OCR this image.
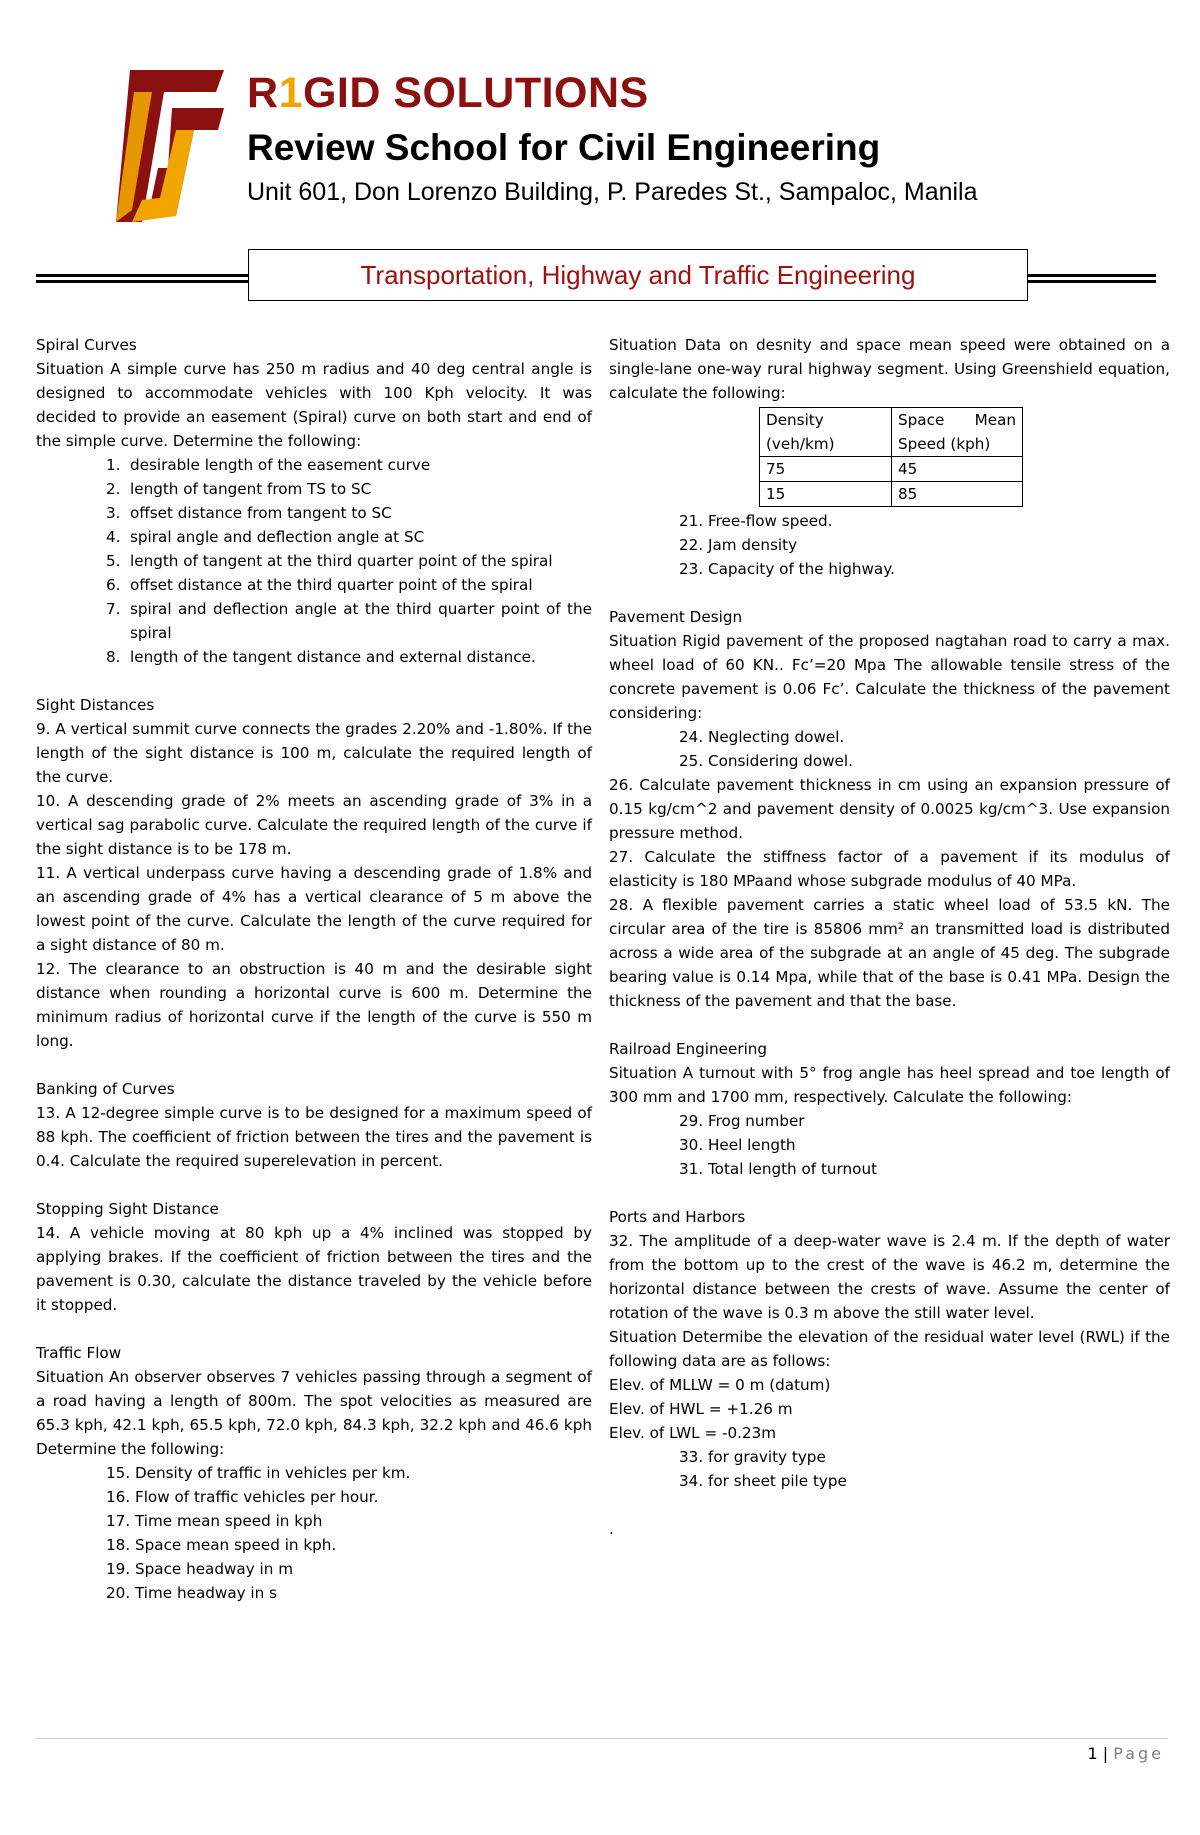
R1GID SOLUTIONS
Review School for Civil Engineering
Unit 601, Don Lorenzo Building, P. Paredes St., Sampaloc, Manila
Transportation, Highway and Traffic Engineering
Spiral Curves
Situation A simple curve has 250 m radius and 40 deg central angle is designed to accommodate vehicles with 100 Kph velocity. It was decided to provide an easement (Spiral) curve on both start and end of the simple curve. Determine the following:
1. desirable length of the easement curve
2. length of tangent from TS to SC
3. offset distance from tangent to SC
4. spiral angle and deflection angle at SC
5. length of tangent at the third quarter point of the spiral
6. offset distance at the third quarter point of the spiral
7. spiral and deflection angle at the third quarter point of the spiral
8. length of the tangent distance and external distance.
Sight Distances
9. A vertical summit curve connects the grades 2.20% and -1.80%. If the length of the sight distance is 100 m, calculate the required length of the curve.
10. A descending grade of 2% meets an ascending grade of 3% in a vertical sag parabolic curve. Calculate the required length of the curve if the sight distance is to be 178 m.
11. A vertical underpass curve having a descending grade of 1.8% and an ascending grade of 4% has a vertical clearance of 5 m above the lowest point of the curve. Calculate the length of the curve required for a sight distance of 80 m.
12. The clearance to an obstruction is 40 m and the desirable sight distance when rounding a horizontal curve is 600 m. Determine the minimum radius of horizontal curve if the length of the curve is 550 m long.
Banking of Curves
13. A 12-degree simple curve is to be designed for a maximum speed of 88 kph. The coefficient of friction between the tires and the pavement is 0.4. Calculate the required superelevation in percent.
Stopping Sight Distance
14. A vehicle moving at 80 kph up a 4% inclined was stopped by applying brakes. If the coefficient of friction between the tires and the pavement is 0.30, calculate the distance traveled by the vehicle before it stopped.
Traffic Flow
Situation An observer observes 7 vehicles passing through a segment of a road having a length of 800m. The spot velocities as measured are 65.3 kph, 42.1 kph, 65.5 kph, 72.0 kph, 84.3 kph, 32.2 kph and 46.6 kph Determine the following:
15. Density of traffic in vehicles per km.
16. Flow of traffic vehicles per hour.
17. Time mean speed in kph
18. Space mean speed in kph.
19. Space headway in m
20. Time headway in s
Situation Data on desnity and space mean speed were obtained on a single-lane one-way rural highway segment. Using Greenshield equation, calculate the following:
Density (veh/km)	Space Mean Speed (kph)
75	45
15	85
21. Free-flow speed.
22. Jam density
23. Capacity of the highway.
Pavement Design
Situation Rigid pavement of the proposed nagtahan road to carry a max. wheel load of 60 KN.. Fc’=20 Mpa The allowable tensile stress of the concrete pavement is 0.06 Fc’. Calculate the thickness of the pavement considering:
24. Neglecting dowel.
25. Considering dowel.
26. Calculate pavement thickness in cm using an expansion pressure of 0.15 kg/cm^2 and pavement density of 0.0025 kg/cm^3. Use expansion pressure method.
27. Calculate the stiffness factor of a pavement if its modulus of elasticity is 180 MPaand whose subgrade modulus of 40 MPa.
28. A flexible pavement carries a static wheel load of 53.5 kN. The circular area of the tire is 85806 mm² an transmitted load is distributed across a wide area of the subgrade at an angle of 45 deg. The subgrade bearing value is 0.14 Mpa, while that of the base is 0.41 MPa. Design the thickness of the pavement and that the base.
Railroad Engineering
Situation A turnout with 5° frog angle has heel spread and toe length of 300 mm and 1700 mm, respectively. Calculate the following:
29. Frog number
30. Heel length
31. Total length of turnout
Ports and Harbors
32. The amplitude of a deep-water wave is 2.4 m. If the depth of water from the bottom up to the crest of the wave is 46.2 m, determine the horizontal distance between the crests of wave. Assume the center of rotation of the wave is 0.3 m above the still water level.
Situation Determibe the elevation of the residual water level (RWL) if the following data are as follows:
Elev. of MLLW = 0 m (datum)
Elev. of HWL = +1.26 m
Elev. of LWL = -0.23m
33. for gravity type
34. for sheet pile type
.
1 | Page
